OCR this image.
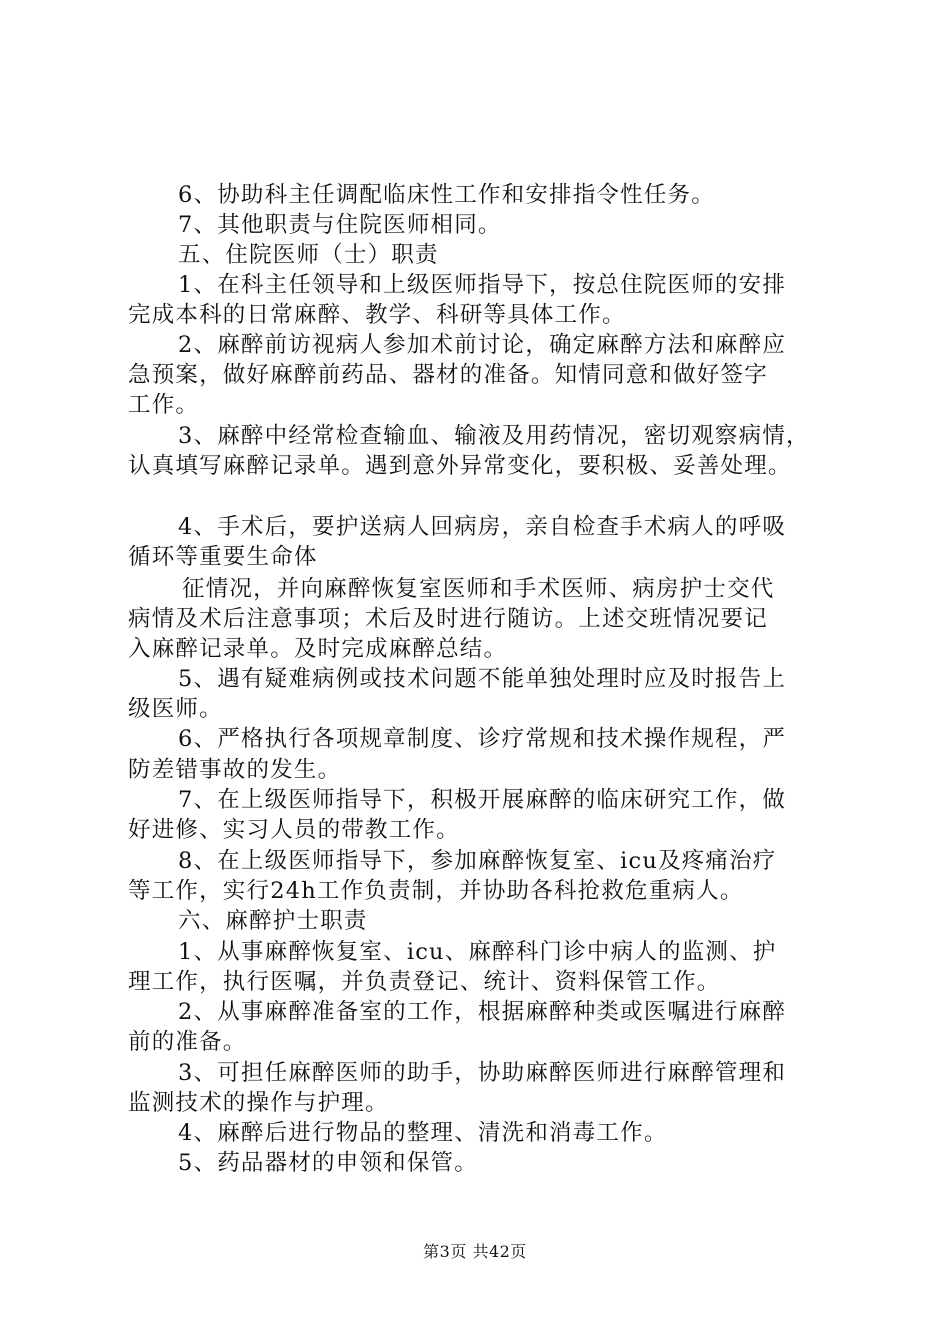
6、协助科主任调配临床性工作和安排指令性任务。
7、其他职责与住院医师相同。
五、住院医师（士）职责
1、在科主任领导和上级医师指导下，按总住院医师的安排
完成本科的日常麻醉、教学、科研等具体工作。
2、麻醉前访视病人参加术前讨论，确定麻醉方法和麻醉应
急预案，做好麻醉前药品、器材的准备。知情同意和做好签字
工作。
3、麻醉中经常检查输血、输液及用药情况，密切观察病情，
认真填写麻醉记录单。遇到意外异常变化，要积极、妥善处理。
4、手术后，要护送病人回病房，亲自检查手术病人的呼吸
循环等重要生命体
征情况，并向麻醉恢复室医师和手术医师、病房护士交代
病情及术后注意事项；术后及时进行随访。上述交班情况要记
入麻醉记录单。及时完成麻醉总结。
5、遇有疑难病例或技术问题不能单独处理时应及时报告上
级医师。
6、严格执行各项规章制度、诊疗常规和技术操作规程，严
防差错事故的发生。
7、在上级医师指导下，积极开展麻醉的临床研究工作，做
好进修、实习人员的带教工作。
8、在上级医师指导下，参加麻醉恢复室、icu及疼痛治疗
等工作，实行24h工作负责制，并协助各科抢救危重病人。
六、麻醉护士职责
1、从事麻醉恢复室、icu、麻醉科门诊中病人的监测、护
理工作，执行医嘱，并负责登记、统计、资料保管工作。
2、从事麻醉准备室的工作，根据麻醉种类或医嘱进行麻醉
前的准备。
3、可担任麻醉医师的助手，协助麻醉医师进行麻醉管理和
监测技术的操作与护理。
4、麻醉后进行物品的整理、清洗和消毒工作。
5、药品器材的申领和保管。
第3页 共42页
